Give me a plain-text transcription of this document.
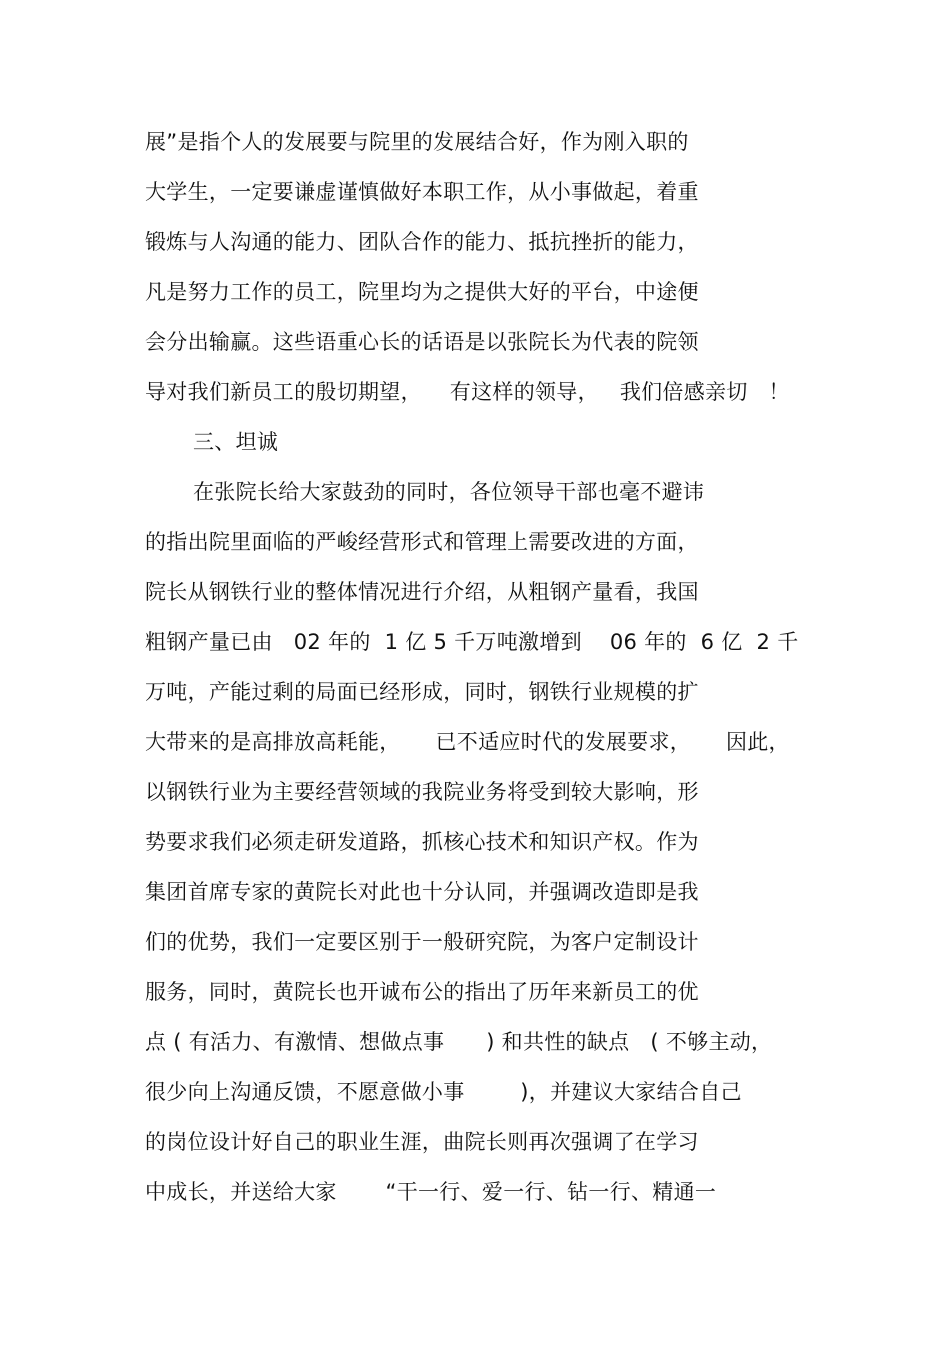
展”是指个人的发展要与院里的发展结合好，作为刚入职的
大学生，一定要谦虚谨慎做好本职工作，从小事做起，着重
锻炼与人沟通的能力、团队合作的能力、抵抗挫折的能力，
凡是努力工作的员工，院里均为之提供大好的平台，中途便
会分出输赢。这些语重心长的话语是以张院长为代表的院领
导对我们新员工的殷切期望，    有这样的领导，   我们倍感亲切   ！
三、坦诚
在张院长给大家鼓劲的同时，各位领导干部也毫不避讳
的指出院里面临的严峻经营形式和管理上需要改进的方面，
院长从钢铁行业的整体情况进行介绍，从粗钢产量看，我国
粗钢产量已由   02 年的  1 亿 5 千万吨激增到    06 年的  6 亿  2 千
万吨，产能过剩的局面已经形成，同时，钢铁行业规模的扩
大带来的是高排放高耗能，     已不适应时代的发展要求，     因此，
以钢铁行业为主要经营领域的我院业务将受到较大影响，形
势要求我们必须走研发道路，抓核心技术和知识产权。作为
集团首席专家的黄院长对此也十分认同，并强调改造即是我
们的优势，我们一定要区别于一般研究院，为客户定制设计
服务，同时，黄院长也开诚布公的指出了历年来新员工的优
点 ( 有活力、有激情、想做点事      ) 和共性的缺点   ( 不够主动，
很少向上沟通反馈，不愿意做小事        )，并建议大家结合自己
的岗位设计好自己的职业生涯，曲院长则再次强调了在学习
中成长，并送给大家       “干一行、爱一行、钻一行、精通一
